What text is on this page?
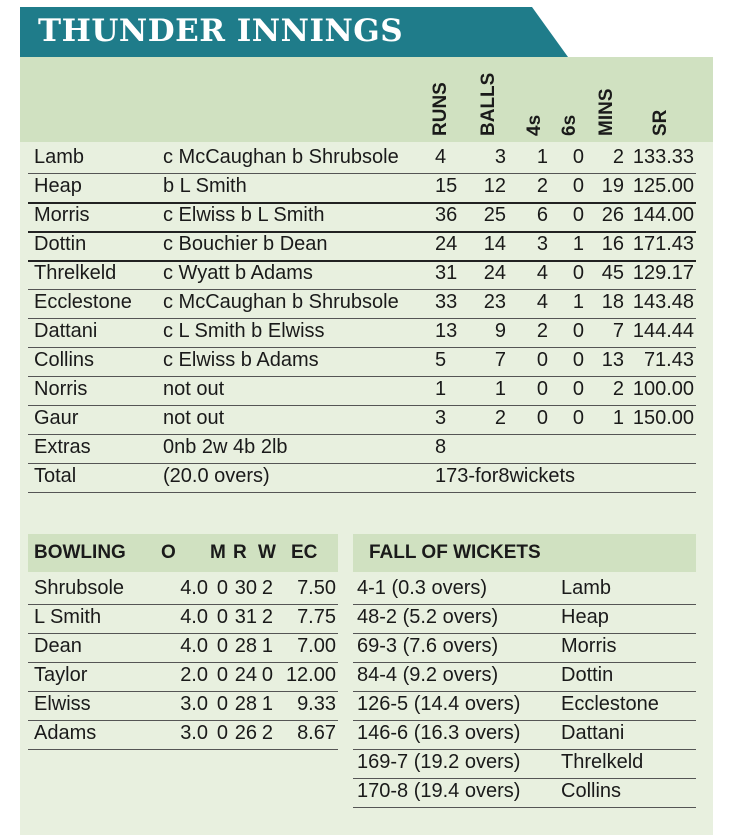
THUNDER INNINGS
RUNS BALLS 4s 6s MINS SR
Lamb	c McCaughan b Shrubsole 4	3	1	0	2 133.33
Heap	b L Smith	15 12	2	0 19 125.00
Morris	c Elwiss b L Smith	36 25	6	0 26 144.00
Dottin	c Bouchier b Dean	24 14	3	1 16 171.43
Threlkeld c Wyatt b Adams	31 24	4	0 45 129.17
Ecclestone c McCaughan b Shrubsole 33 23	4	1 18 143.48
Dattani	c L Smith b Elwiss	13	9	2	0	7 144.44
Collins	c Elwiss b Adams	5	7	0	0 13 71.43
Norris	not out	1	1	0	0	2 100.00
Gaur	not out	3	2	0	0	1 150.00
Extras	0nb 2w 4b 2lb	8
Total	(20.0 overs)	173-for8wickets
BOWLING O M R W EC
Shrubsole	4.0 0 30 2	7.50
L Smith	4.0 0 31 2	7.75
Dean	4.0 0 28 1	7.00
Taylor	2.0 0 24 0 12.00
Elwiss	3.0 0 28 1	9.33
Adams	3.0 0 26 2	8.67
FALL OF WICKETS
4-1 (0.3 overs)	Lamb
48-2 (5.2 overs)	Heap
69-3 (7.6 overs)	Morris
84-4 (9.2 overs)	Dottin
126-5 (14.4 overs) Ecclestone
146-6 (16.3 overs) Dattani
169-7 (19.2 overs) Threlkeld
170-8 (19.4 overs) Collins
